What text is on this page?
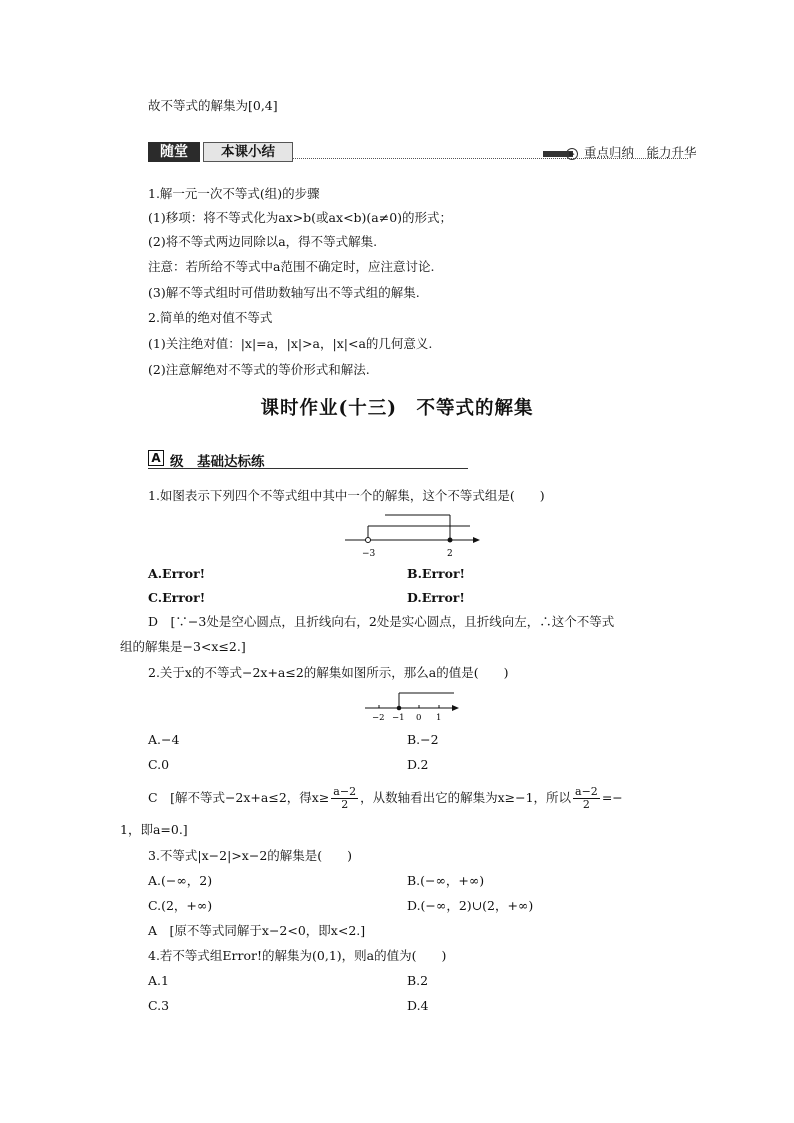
故不等式的解集为[0,4]
随堂	本课小结	▶ 重点归纳　能力升华
1.解一元一次不等式(组)的步骤
(1)移项：将不等式化为ax>b(或ax<b)(a≠0)的形式；
(2)将不等式两边同除以a，得不等式解集.
注意：若所给不等式中a范围不确定时，应注意讨论.
(3)解不等式组时可借助数轴写出不等式组的解集.
2.简单的绝对值不等式
(1)关注绝对值：|x|=a，|x|>a，|x|<a的几何意义.
(2)注意解绝对不等式的等价形式和解法.
课时作业(十三)　不等式的解集
A 级　基础达标练
1.如图表示下列四个不等式组中其中一个的解集，这个不等式组是(　　)
−3	2
A.Error!	B.Error!
C.Error!	D.Error!
D　[∵−3处是空心圆点，且折线向右，2处是实心圆点，且折线向左，∴这个不等式
组的解集是−3<x≤2.]
2.关于x的不等式−2x+a≤2的解集如图所示，那么a的值是(　　)
−2 −1 0 1
A.−4	B.−2
C.0	D.2
C　[解不等式−2x+a≤2，得$x\ge \frac{a-2}{2}$ ，从数轴看出它的解集为x≥−1，所以 $\frac{a-2}{2}$ =−
1，即a=0.]
3.不等式|x−2|>x−2的解集是(　　)
A.(−∞，2)	B.(−∞，+∞)
C.(2，+∞)	D.(−∞，2)∪(2，+∞)
A　[原不等式同解于x−2<0，即x<2.]
4.若不等式组Error!的解集为(0,1)，则a的值为(　　)
A.1	B.2
C.3	D.4
